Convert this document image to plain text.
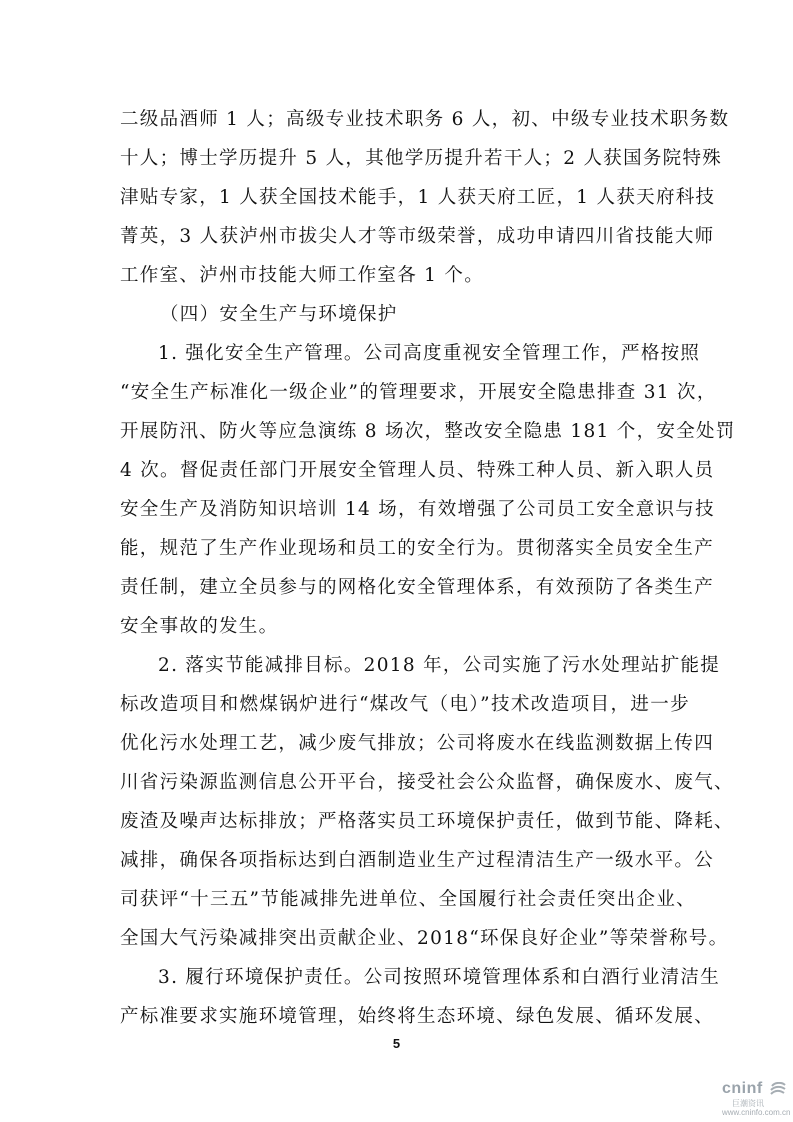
二级品酒师 1 人；高级专业技术职务 6 人，初、中级专业技术职务数
十人；博士学历提升 5 人，其他学历提升若干人；2 人获国务院特殊
津贴专家，1 人获全国技术能手，1 人获天府工匠，1 人获天府科技
菁英，3 人获泸州市拔尖人才等市级荣誉，成功申请四川省技能大师
工作室、泸州市技能大师工作室各 1 个。
（四）安全生产与环境保护
1. 强化安全生产管理。公司高度重视安全管理工作，严格按照
“安全生产标准化一级企业”的管理要求，开展安全隐患排查 31 次，
开展防汛、防火等应急演练 8 场次，整改安全隐患 181 个，安全处罚
4 次。督促责任部门开展安全管理人员、特殊工种人员、新入职人员
安全生产及消防知识培训 14 场，有效增强了公司员工安全意识与技
能，规范了生产作业现场和员工的安全行为。贯彻落实全员安全生产
责任制，建立全员参与的网格化安全管理体系，有效预防了各类生产
安全事故的发生。
2. 落实节能减排目标。2018 年，公司实施了污水处理站扩能提
标改造项目和燃煤锅炉进行“煤改气（电）”技术改造项目，进一步
优化污水处理工艺，减少废气排放；公司将废水在线监测数据上传四
川省污染源监测信息公开平台，接受社会公众监督，确保废水、废气、
废渣及噪声达标排放；严格落实员工环境保护责任，做到节能、降耗、
减排，确保各项指标达到白酒制造业生产过程清洁生产一级水平。公
司获评“十三五”节能减排先进单位、全国履行社会责任突出企业、
全国大气污染减排突出贡献企业、2018“环保良好企业”等荣誉称号。
3. 履行环境保护责任。公司按照环境管理体系和白酒行业清洁生
产标准要求实施环境管理，始终将生态环境、绿色发展、循环发展、
5
cninf
巨潮资讯
www.cninfo.com.cn
